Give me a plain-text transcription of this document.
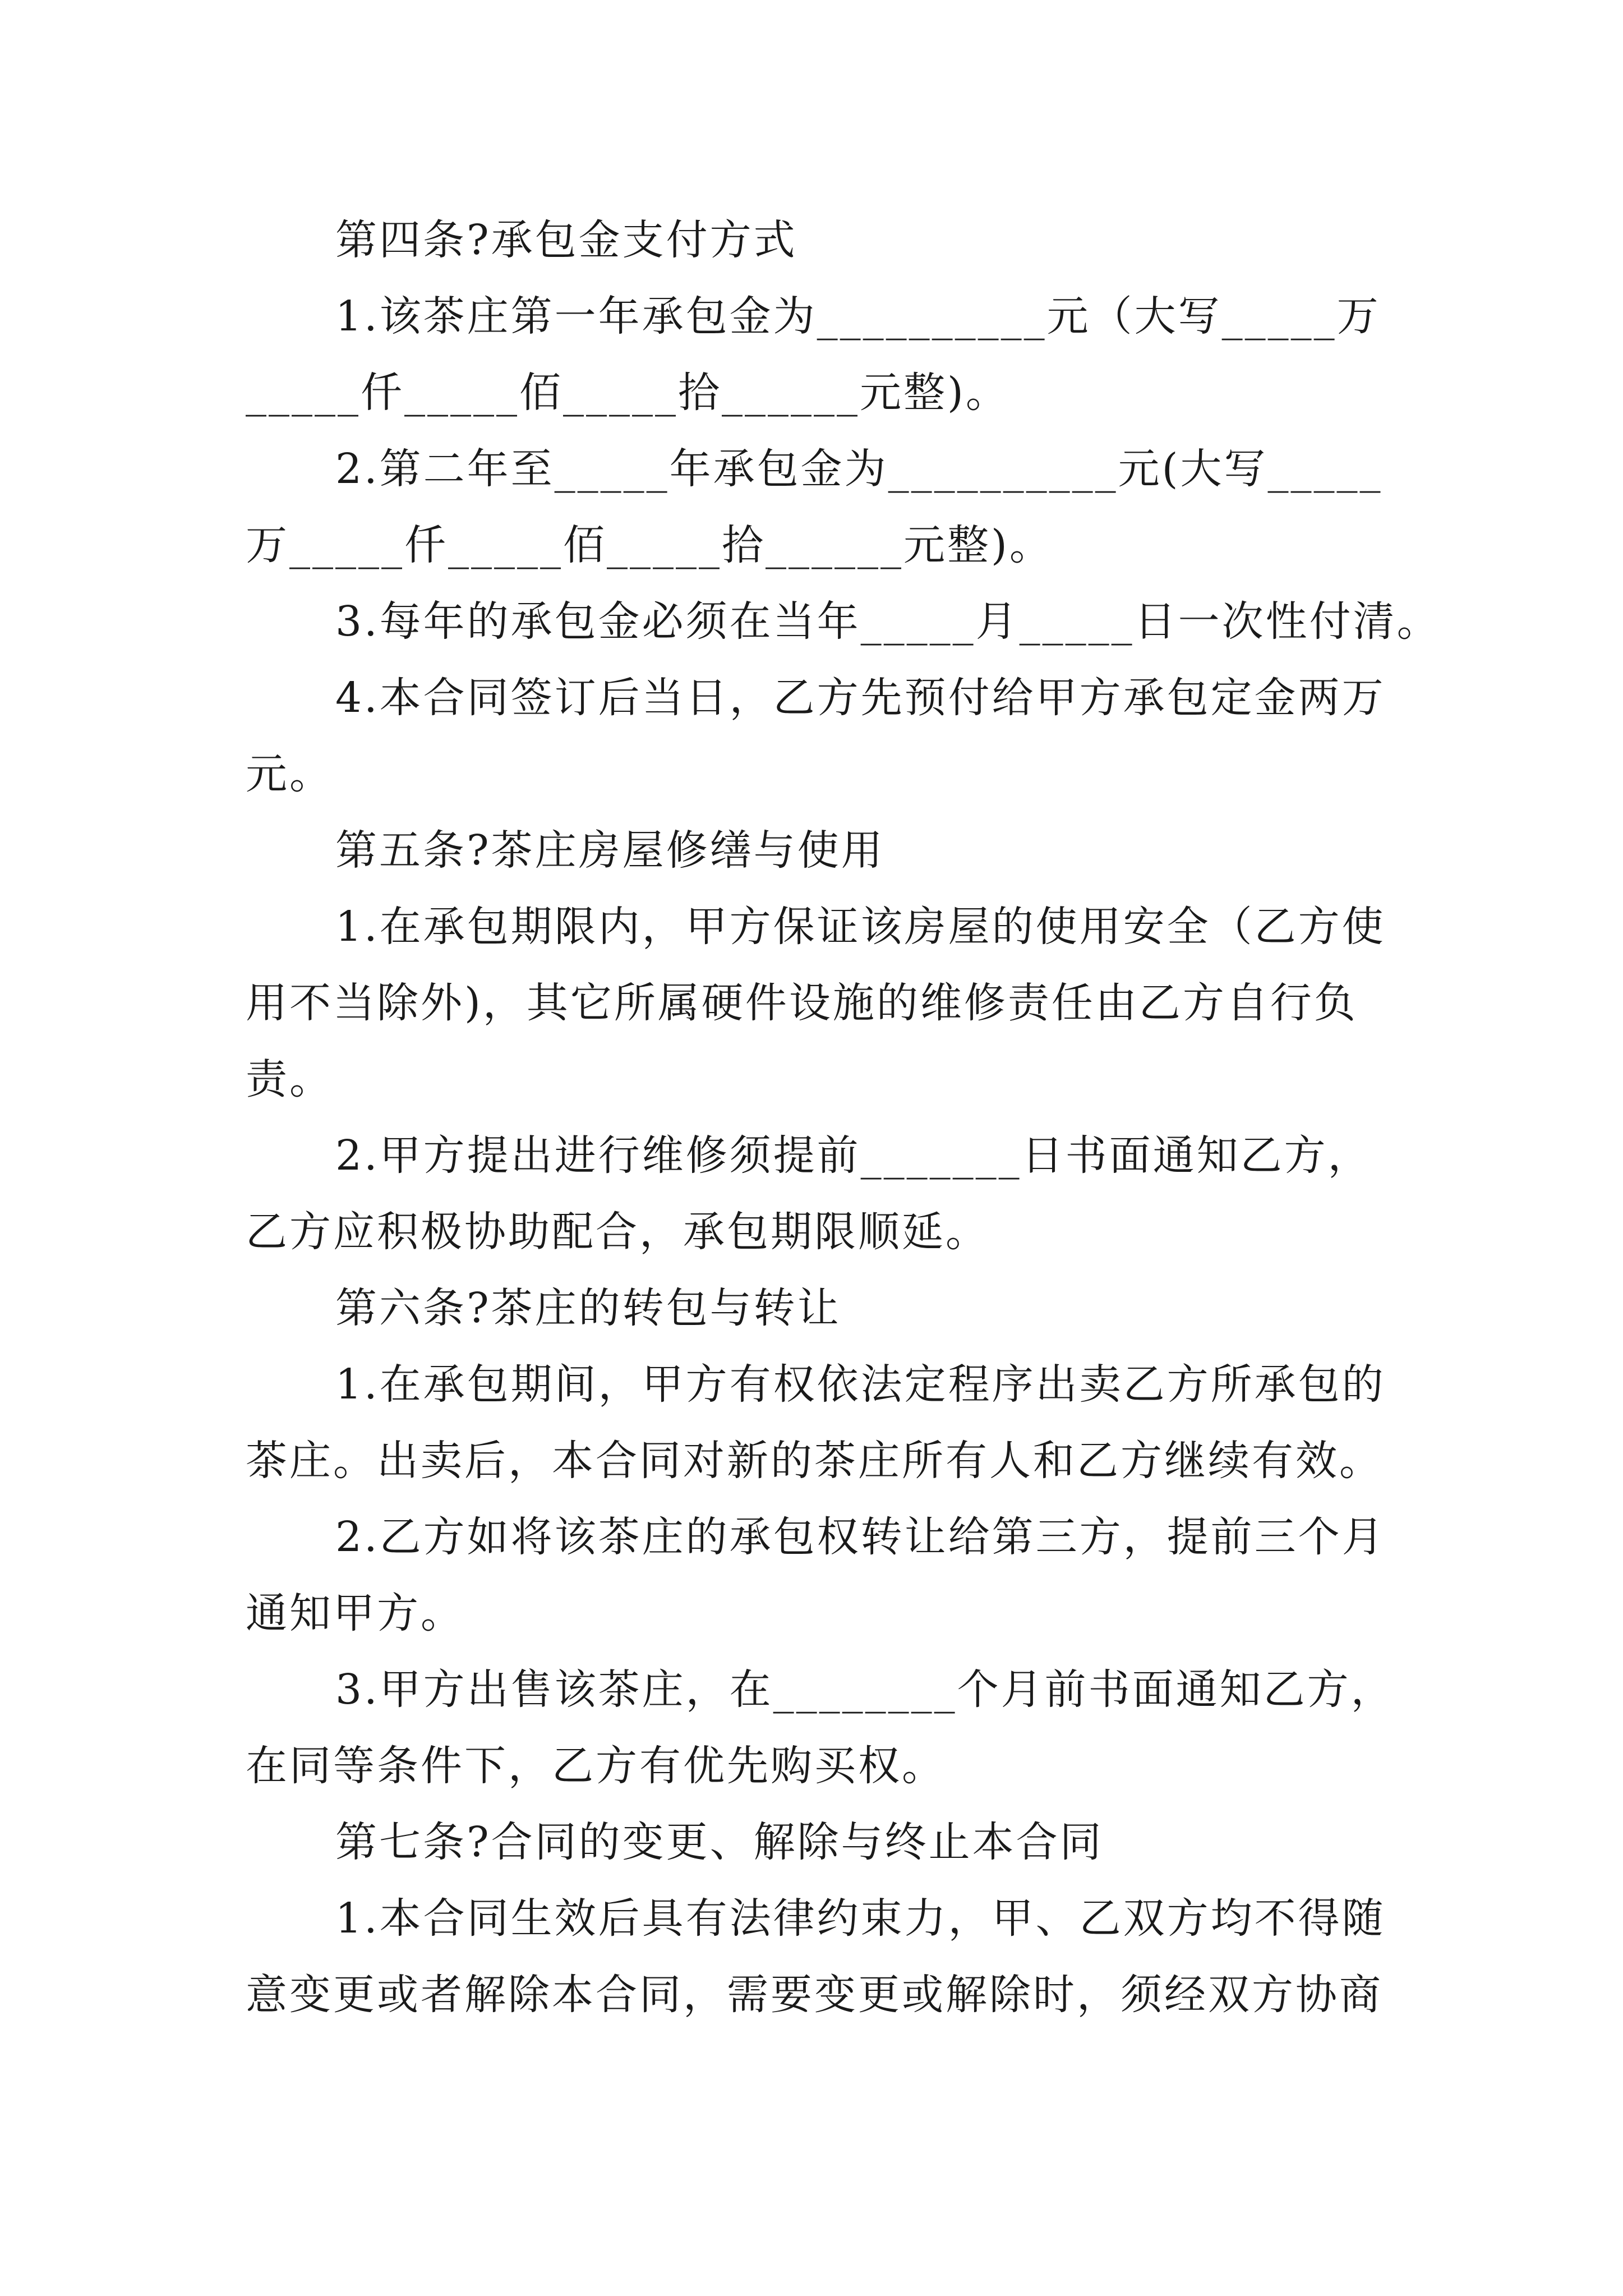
第四条?承包金支付方式
1.该茶庄第一年承包金为__________元（大写_____万
_____仟_____佰_____拾______元整)。
2.第二年至_____年承包金为__________元(大写_____
万_____仟_____佰_____拾______元整)。
3.每年的承包金必须在当年_____月_____日一次性付清。
4.本合同签订后当日，乙方先预付给甲方承包定金两万
元。
第五条?茶庄房屋修缮与使用
1.在承包期限内，甲方保证该房屋的使用安全（乙方使
用不当除外)，其它所属硬件设施的维修责任由乙方自行负
责。
2.甲方提出进行维修须提前_______日书面通知乙方，
乙方应积极协助配合，承包期限顺延。
第六条?茶庄的转包与转让
1.在承包期间，甲方有权依法定程序出卖乙方所承包的
茶庄。出卖后，本合同对新的茶庄所有人和乙方继续有效。
2.乙方如将该茶庄的承包权转让给第三方，提前三个月
通知甲方。
3.甲方出售该茶庄，在________个月前书面通知乙方，
在同等条件下，乙方有优先购买权。
第七条?合同的变更、解除与终止本合同
1.本合同生效后具有法律约束力，甲、乙双方均不得随
意变更或者解除本合同，需要变更或解除时，须经双方协商
